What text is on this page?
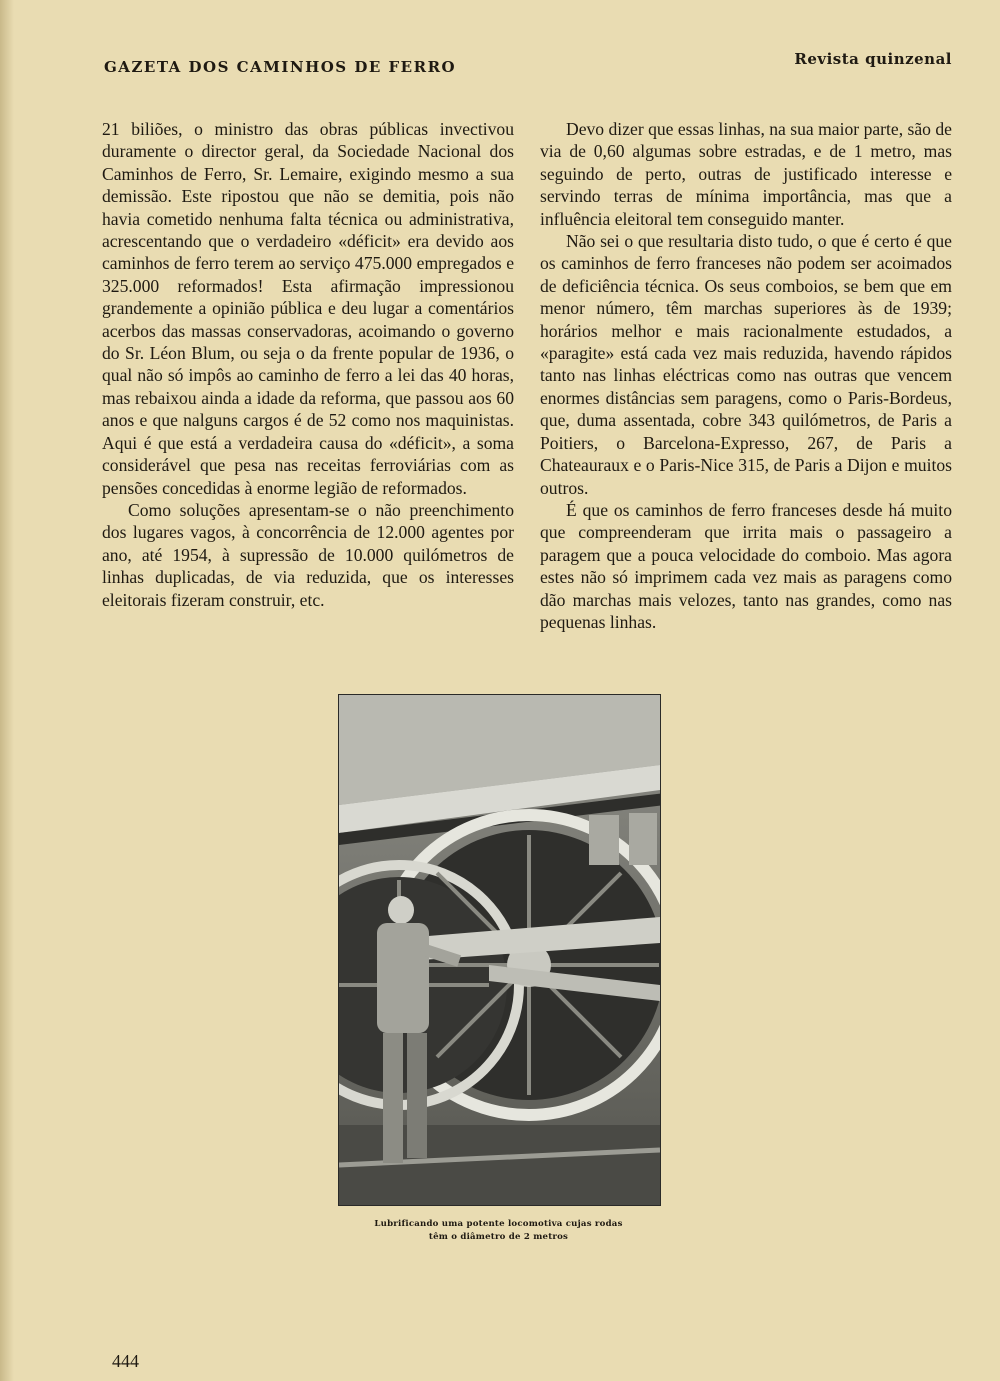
GAZETA DOS CAMINHOS DE FERRO	Revista quinzenal

21 biliões, o ministro das obras públicas invectivou duramente o director geral, da Sociedade Nacional dos Caminhos de Ferro, Sr. Lemaire, exigindo mesmo a sua demissão. Este ripostou que não se demitia, pois não havia cometido nenhuma falta técnica ou administrativa, acrescentando que o verdadeiro «déficit» era devido aos caminhos de ferro terem ao serviço 475.000 empregados e 325.000 reformados! Esta afirmação impressionou grandemente a opinião pública e deu lugar a comentários acerbos das massas conservadoras, acoimando o governo do Sr. Léon Blum, ou seja o da frente popular de 1936, o qual não só impôs ao caminho de ferro a lei das 40 horas, mas rebaixou ainda a idade da reforma, que passou aos 60 anos e que nalguns cargos é de 52 como nos maquinistas. Aqui é que está a verdadeira causa do «déficit», a soma considerável que pesa nas receitas ferroviárias com as pensões concedidas à enorme legião de reformados.

Como soluções apresentam-se o não preenchimento dos lugares vagos, à concorrência de 12.000 agentes por ano, até 1954, à supressão de 10.000 quilómetros de linhas duplicadas, de via reduzida, que os interesses eleitorais fizeram construir, etc.

Devo dizer que essas linhas, na sua maior parte, são de via de 0,60 algumas sobre estradas, e de 1 metro, mas seguindo de perto, outras de justificado interesse e servindo terras de mínima importância, mas que a influência eleitoral tem conseguido manter.

Não sei o que resultaria disto tudo, o que é certo é que os caminhos de ferro franceses não podem ser acoimados de deficiência técnica. Os seus comboios, se bem que em menor número, têm marchas superiores às de 1939; horários melhor e mais racionalmente estudados, a «paragite» está cada vez mais reduzida, havendo rápidos tanto nas linhas eléctricas como nas outras que vencem enormes distâncias sem paragens, como o Paris-Bordeus, que, duma assentada, cobre 343 quilómetros, de Paris a Poitiers, o Barcelona-Expresso, 267, de Paris a Chateauraux e o Paris-Nice 315, de Paris a Dijon e muitos outros.

É que os caminhos de ferro franceses desde há muito que compreenderam que irrita mais o passageiro a paragem que a pouca velocidade do comboio. Mas agora estes não só imprimem cada vez mais as paragens como dão marchas mais velozes, tanto nas grandes, como nas pequenas linhas.

Lubrificando uma potente locomotiva cujas rodas
têm o diâmetro de 2 metros
444
